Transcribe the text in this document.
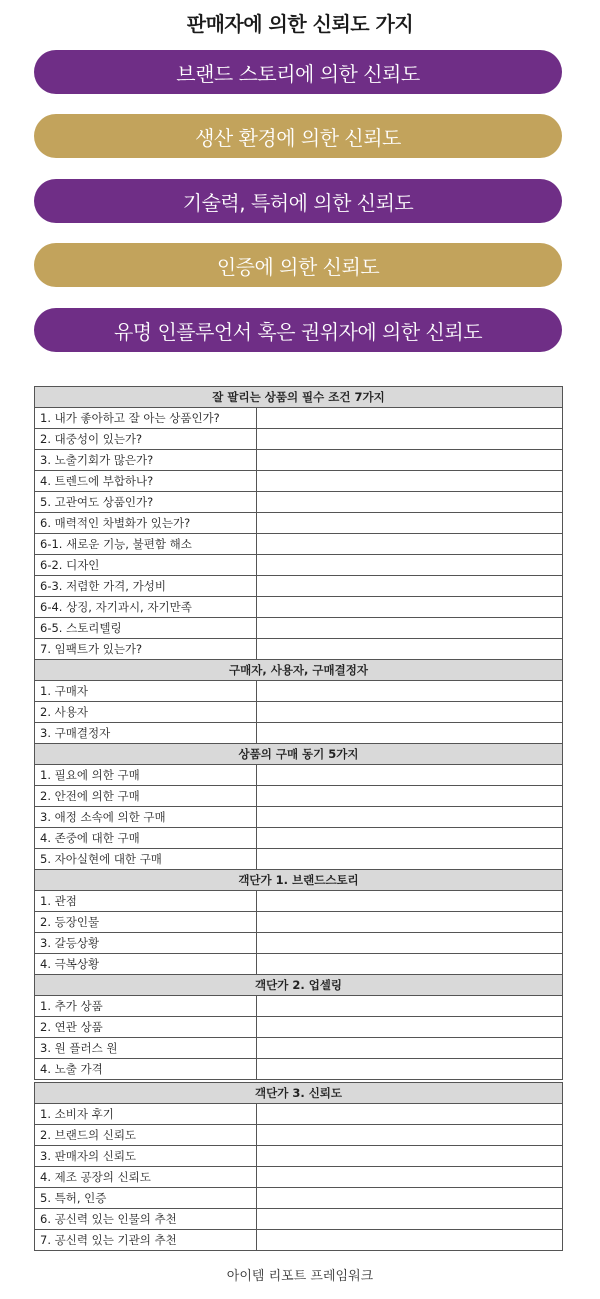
판매자에 의한 신뢰도 가지
브랜드 스토리에 의한 신뢰도
생산 환경에 의한 신뢰도
기술력, 특허에 의한 신뢰도
인증에 의한 신뢰도
유명 인플루언서 혹은 권위자에 의한 신뢰도
잘 팔리는 상품의 필수 조건 7가지	
1. 내가 좋아하고 잘 아는 상품인가?	
2. 대중성이 있는가?	
3. 노출기회가 많은가?	
4. 트렌드에 부합하나?	
5. 고관여도 상품인가?	
6. 매력적인 차별화가 있는가?	
6-1. 새로운 기능, 불편함 해소	
6-2. 디자인	
6-3. 저렴한 가격, 가성비	
6-4. 상징, 자기과시, 자기만족	
6-5. 스토리텔링	
7. 임팩트가 있는가?	
구매자, 사용자, 구매결정자	
1. 구매자	
2. 사용자	
3. 구매결정자	
상품의 구매 동기 5가지	
1. 필요에 의한 구매	
2. 안전에 의한 구매	
3. 애정 소속에 의한 구매	
4. 존중에 대한 구매	
5. 자아실현에 대한 구매	
객단가 1. 브랜드스토리	
1. 관점	
2. 등장인물	
3. 갈등상황	
4. 극복상황	
객단가 2. 업셀링	
1. 추가 상품	
2. 연관 상품	
3. 원 플러스 원	
4. 노출 가격	

객단가 3. 신뢰도	
1. 소비자 후기	
2. 브랜드의 신뢰도	
3. 판매자의 신뢰도	
4. 제조 공장의 신뢰도	
5. 특허, 인증	
6. 공신력 있는 인물의 추천	
7. 공신력 있는 기관의 추천	
아이템 리포트 프레임워크
